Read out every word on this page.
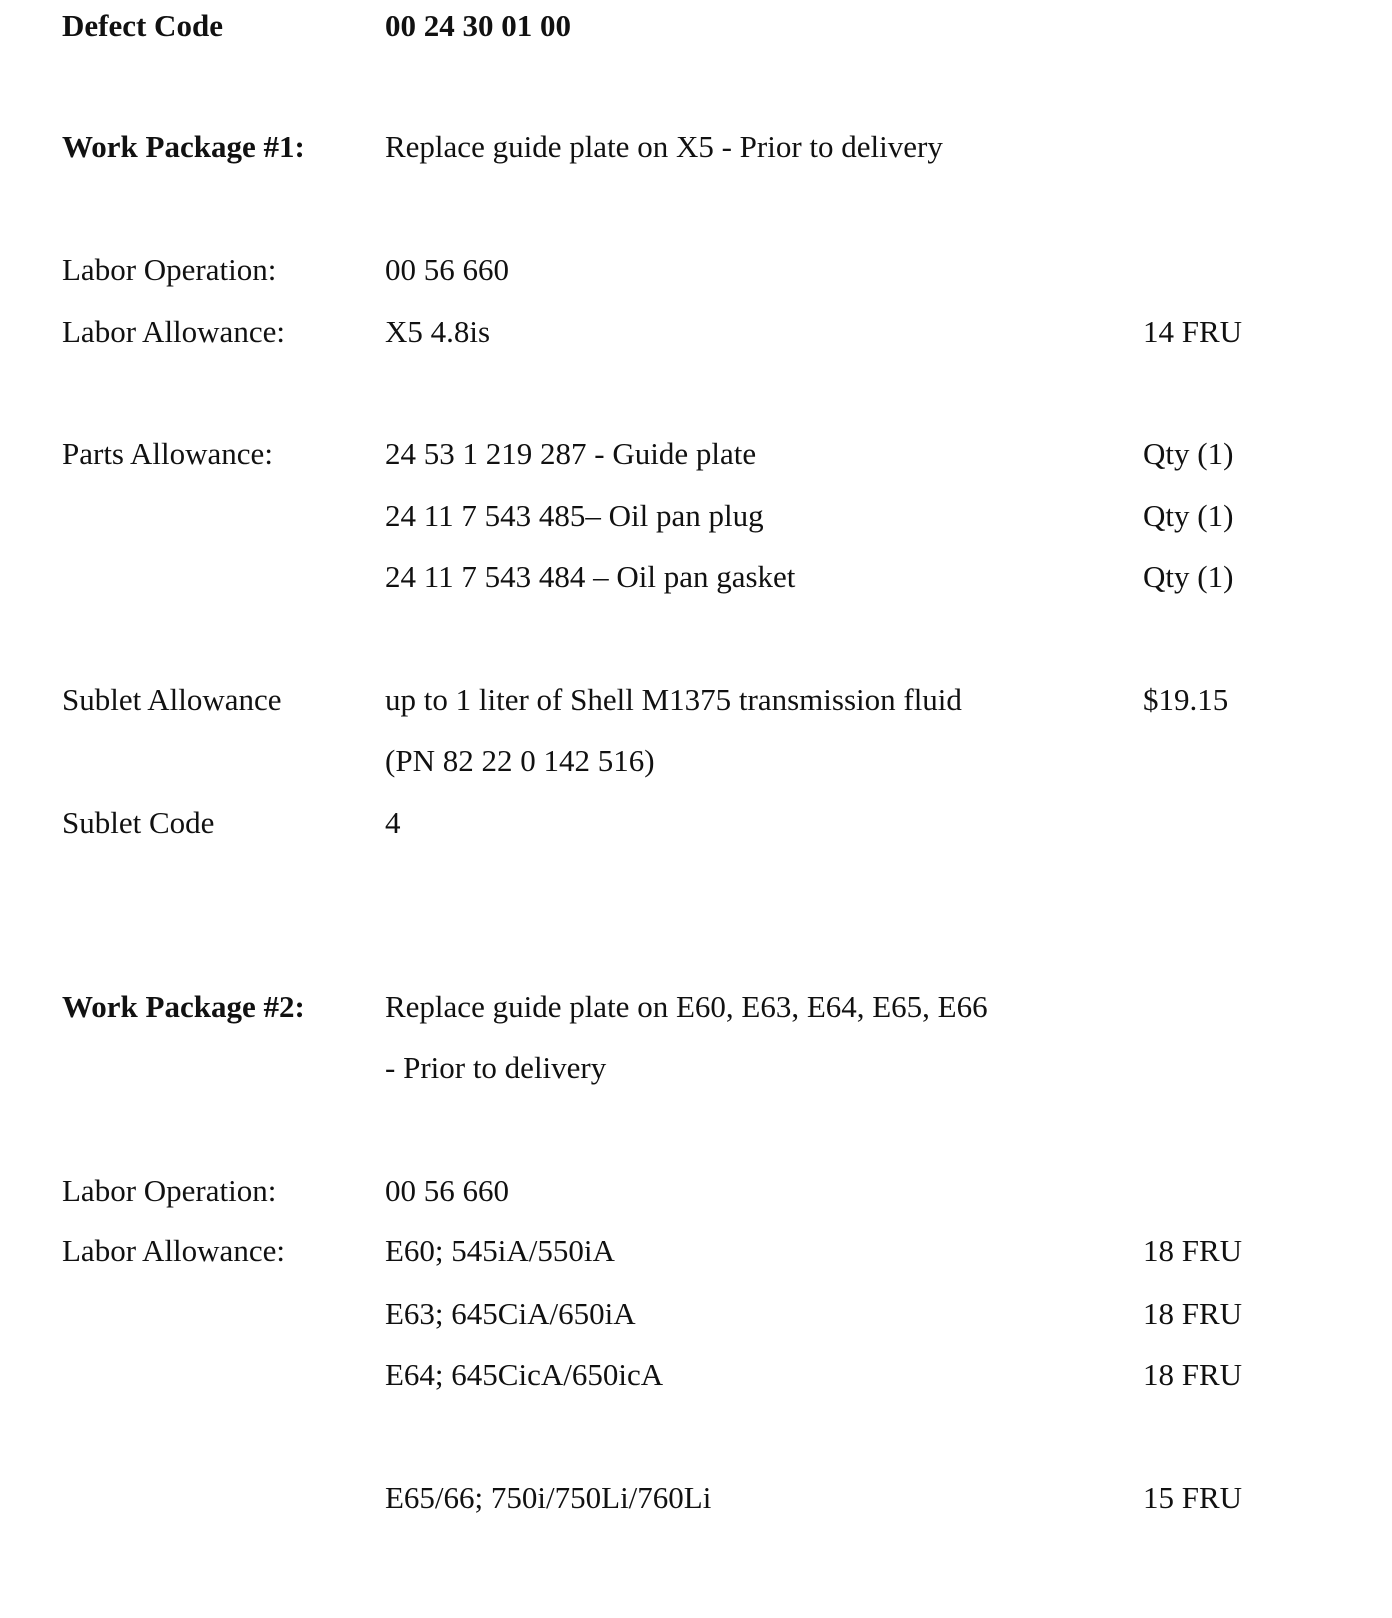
Defect Code	00 24 30 01 00
Work Package #1:	Replace guide plate on X5 - Prior to delivery
Labor Operation:	00 56 660
Labor Allowance:	X5 4.8is	14 FRU
Parts Allowance:	24 53 1 219 287 - Guide plate	Qty (1)
24 11 7 543 485– Oil pan plug	Qty (1)
24 11 7 543 484 – Oil pan gasket	Qty (1)
Sublet Allowance	up to 1 liter of Shell M1375 transmission fluid	$19.15
(PN 82 22 0 142 516)
Sublet Code	4
Work Package #2:	Replace guide plate on E60, E63, E64, E65, E66
- Prior to delivery
Labor Operation:	00 56 660
Labor Allowance:	E60; 545iA/550iA	18 FRU
E63; 645CiA/650iA	18 FRU
E64; 645CicA/650icA	18 FRU
E65/66; 750i/750Li/760Li	15 FRU
